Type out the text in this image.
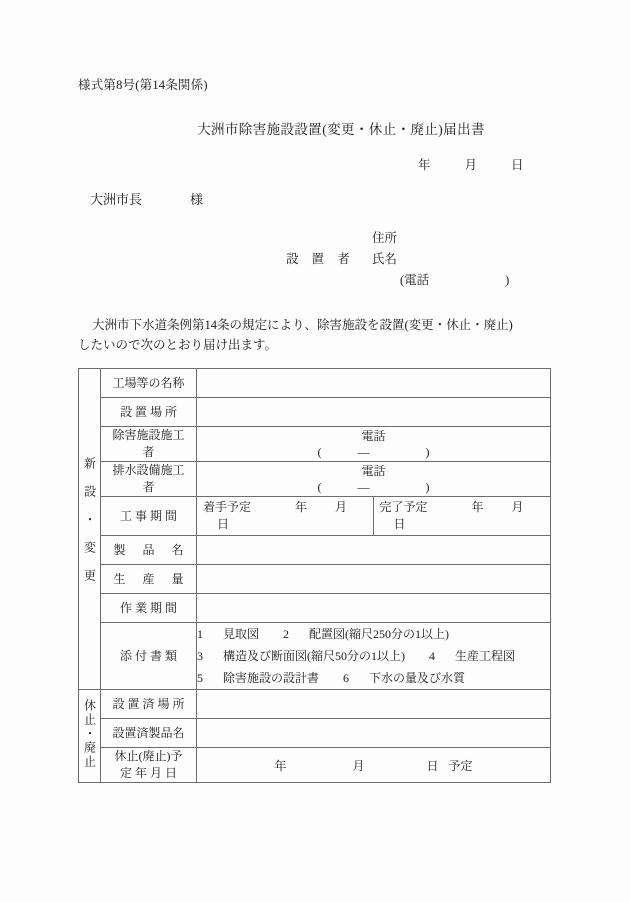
様式第8号(第14条関係)
大洲市除害施設設置(変更・休止・廃止)届出書
年	月	日
大洲市長	様
設 置 者
住所
氏名
(電話	)
大洲市下水道条例第14条の規定により、除害施設を設置(変更・休止・廃止)
したいので次のとおり届け出ます。
新設・変更	工場等の名称	
	設 置 場 所	

	除害施設施工
者	電話
( — )

	排水設備施工
者	電話
( — )

	工 事 期 間	着手予定 年 月
日
完了予定 年 月
日

	製 品 名	
	生 産 量	
	作 業 期 間	
	添 付 書 類	1 見取図 2 配置図(縮尺250分の1以上)
3 構造及び断面図(縮尺50分の1以上) 4 生産工程図
5 除害施設の設計書 6 下水の量及び水質

休止・廃止	設 置 済 場 所	
	設置済製品名	

	休止(廃止)予
定 年 月 日	年 月 日 予定
